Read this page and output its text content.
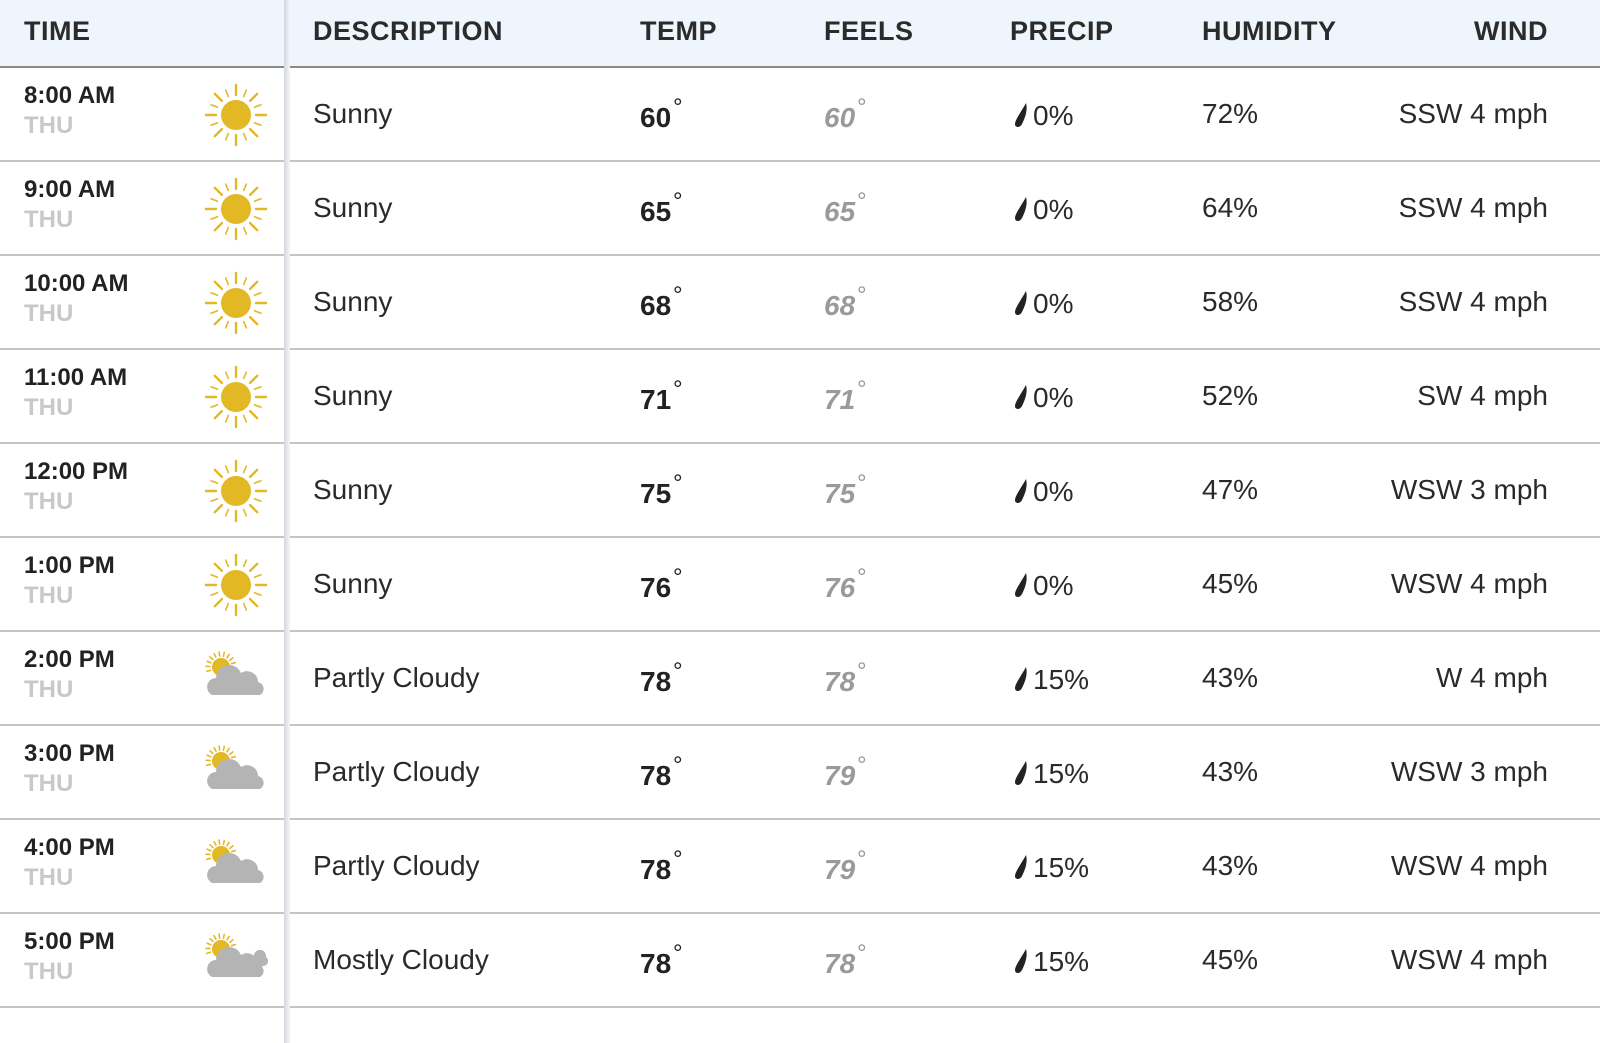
TIME	DESCRIPTION	TEMP	FEELS	PRECIP	HUMIDITY	WIND
8:00 AM
THU	Sunny	60 °	60 °	0%	72%	SSW 4 mph
9:00 AM
THU	Sunny	65 °	65 °	0%	64%	SSW 4 mph
10:00 AM
THU	Sunny	68 °	68 °	0%	58%	SSW 4 mph
11:00 AM
THU	Sunny	71 °	71 °	0%	52%	SW 4 mph
12:00 PM
THU	Sunny	75 °	75 °	0%	47%	WSW 3 mph
1:00 PM
THU	Sunny	76 °	76 °	0%	45%	WSW 4 mph
2:00 PM
THU	Partly Cloudy	78 °	78 °	15%	43%	W 4 mph
3:00 PM
THU	Partly Cloudy	78 °	79 °	15%	43%	WSW 3 mph
4:00 PM
THU	Partly Cloudy	78 °	79 °	15%	43%	WSW 4 mph
5:00 PM
THU	Mostly Cloudy	78 °	78 °	15%	45%	WSW 4 mph
